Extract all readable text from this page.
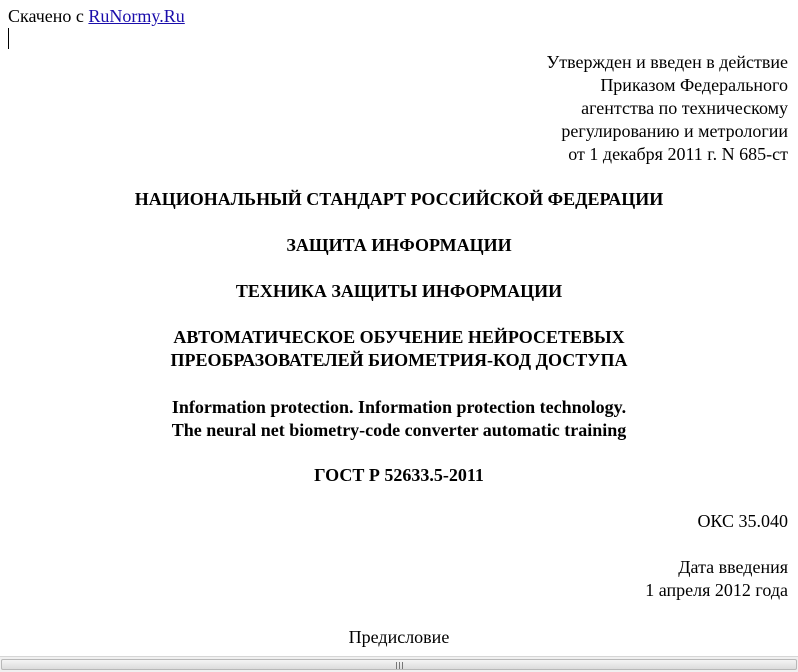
Скачено с RuNormy.Ru
Утвержден и введен в действие
Приказом Федерального
агентства по техническому
регулированию и метрологии
от 1 декабря 2011 г. N 685-ст
НАЦИОНАЛЬНЫЙ СТАНДАРТ РОССИЙСКОЙ ФЕДЕРАЦИИ
ЗАЩИТА ИНФОРМАЦИИ
ТЕХНИКА ЗАЩИТЫ ИНФОРМАЦИИ
АВТОМАТИЧЕСКОЕ ОБУЧЕНИЕ НЕЙРОСЕТЕВЫХ
ПРЕОБРАЗОВАТЕЛЕЙ БИОМЕТРИЯ-КОД ДОСТУПА
Information protection. Information protection technology.
The neural net biometry-code converter automatic training
ГОСТ Р 52633.5-2011
ОКС 35.040
Дата введения
1 апреля 2012 года
Предисловие
